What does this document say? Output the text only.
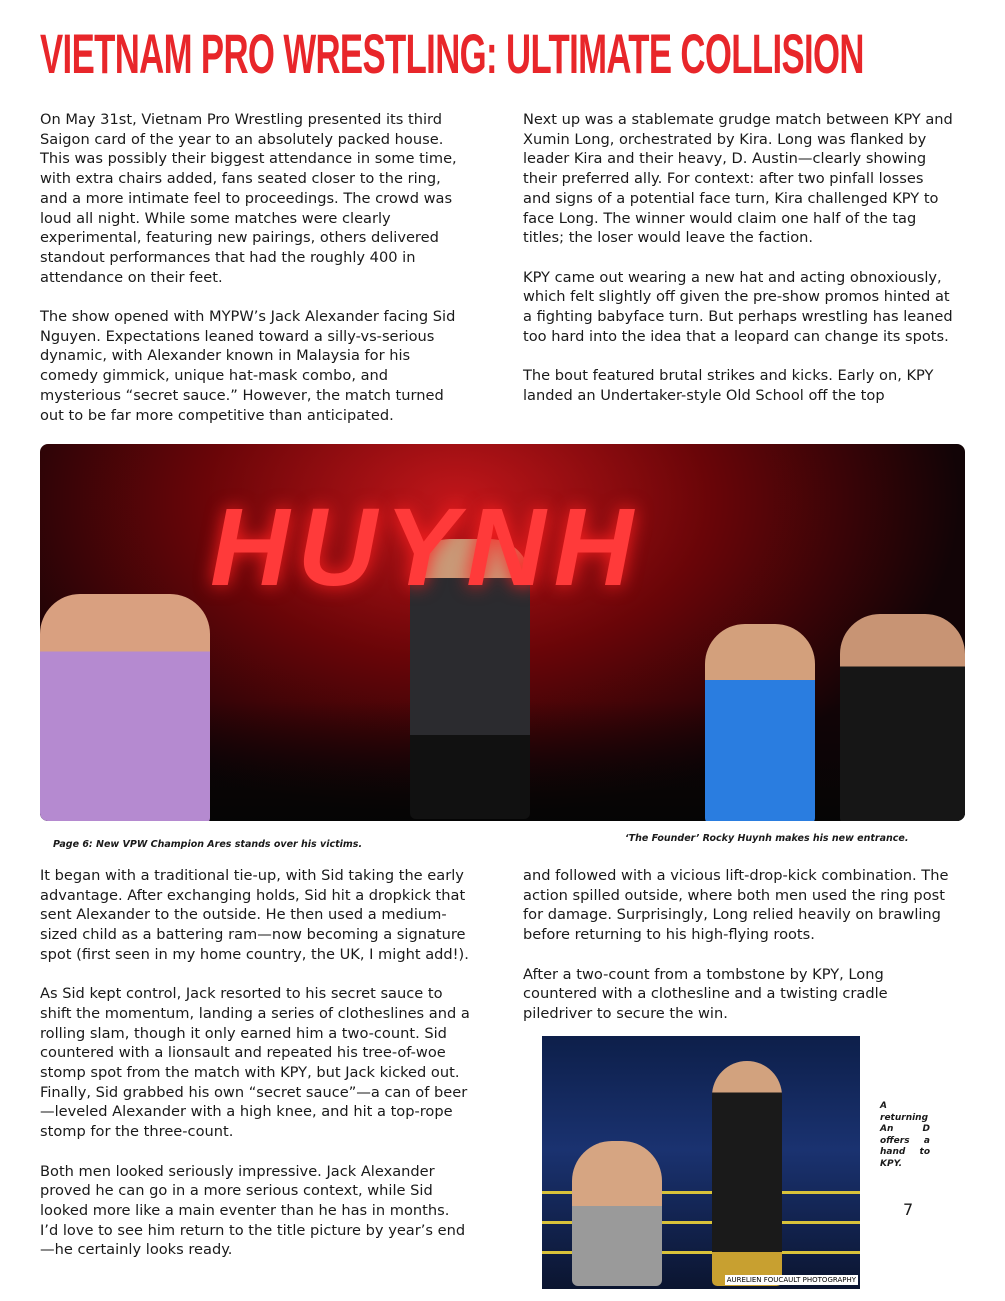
VIETNAM PRO WRESTLING: ULTIMATE COLLISION

On May 31st, Vietnam Pro Wrestling presented its third Saigon card of the year to an absolutely packed house. This was possibly their biggest attendance in some time, with extra chairs added, fans seated closer to the ring, and a more intimate feel to proceedings. The crowd was loud all night. While some matches were clearly experimental, featuring new pairings, others delivered standout performances that had the roughly 400 in attendance on their feet.

The show opened with MYPW’s Jack Alexander facing Sid Nguyen. Expectations leaned toward a silly-vs-serious dynamic, with Alexander known in Malaysia for his comedy gimmick, unique hat-mask combo, and mysterious “secret sauce.” However, the match turned out to be far more competitive than anticipated.

Next up was a stablemate grudge match between KPY and Xumin Long, orchestrated by Kira. Long was flanked by leader Kira and their heavy, D. Austin—clearly showing their preferred ally. For context: after two pinfall losses and signs of a potential face turn, Kira challenged KPY to face Long. The winner would claim one half of the tag titles; the loser would leave the faction.

KPY came out wearing a new hat and acting obnoxiously, which felt slightly off given the pre-show promos hinted at a fighting babyface turn. But perhaps wrestling has leaned too hard into the idea that a leopard can change its spots.

The bout featured brutal strikes and kicks. Early on, KPY landed an Undertaker-style Old School off the top

HUYNH
Page 6: New VPW Champion Ares stands over his victims.
‘The Founder’ Rocky Huynh makes his new entrance.

It began with a traditional tie-up, with Sid taking the early advantage. After exchanging holds, Sid hit a dropkick that sent Alexander to the outside. He then used a medium-sized child as a battering ram—now becoming a signature spot (first seen in my home country, the UK, I might add!).

As Sid kept control, Jack resorted to his secret sauce to shift the momentum, landing a series of clotheslines and a rolling slam, though it only earned him a two-count. Sid countered with a lionsault and repeated his tree-of-woe stomp spot from the match with KPY, but Jack kicked out. Finally, Sid grabbed his own “secret sauce”—a can of beer—leveled Alexander with a high knee, and hit a top-rope stomp for the three-count.

Both men looked seriously impressive. Jack Alexander proved he can go in a more serious context, while Sid looked more like a main eventer than he has in months. I’d love to see him return to the title picture by year’s end—he certainly looks ready.

and followed with a vicious lift-drop-kick combination. The action spilled outside, where both men used the ring post for damage. Surprisingly, Long relied heavily on brawling before returning to his high-flying roots.

After a two-count from a tombstone by KPY, Long countered with a clothesline and a twisting cradle piledriver to secure the win.

AURELIEN FOUCAULT PHOTOGRAPHY
A returning An D offers a hand to KPY.
7
